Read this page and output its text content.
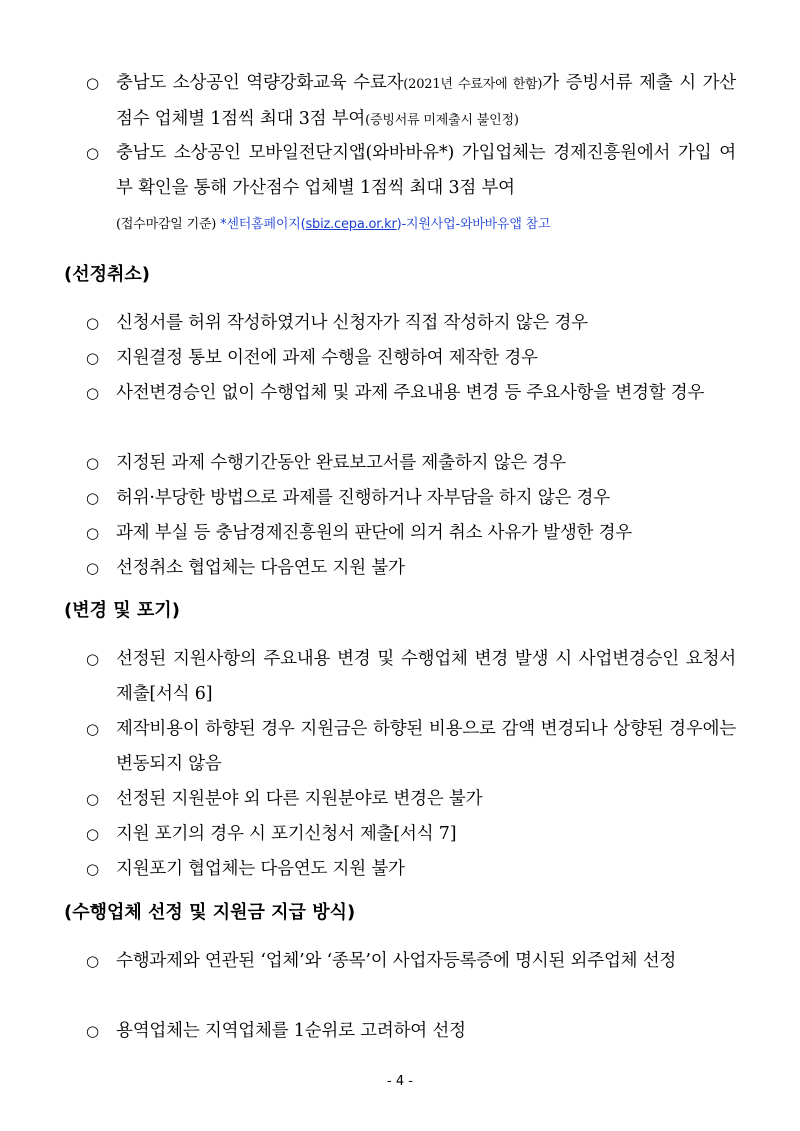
○ 충남도 소상공인 역량강화교육 수료자(2021년 수료자에 한함)가 증빙서류 제출 시 가산점수 업체별 1점씩 최대 3점 부여(증빙서류 미제출시 불인정)
○ 충남도 소상공인 모바일전단지앱(와바바유*) 가입업체는 경제진흥원에서 가입 여부 확인을 통해 가산점수 업체별 1점씩 최대 3점 부여
(접수마감일 기준) *센터홈페이지(sbiz.cepa.or.kr)-지원사업-와바바유앱 참고
(선정취소)
○ 신청서를 허위 작성하였거나 신청자가 직접 작성하지 않은 경우
○ 지원결정 통보 이전에 과제 수행을 진행하여 제작한 경우
○ 사전변경승인 없이 수행업체 및 과제 주요내용 변경 등 주요사항을 변경할 경우
○ 지정된 과제 수행기간동안 완료보고서를 제출하지 않은 경우
○ 허위·부당한 방법으로 과제를 진행하거나 자부담을 하지 않은 경우
○ 과제 부실 등 충남경제진흥원의 판단에 의거 취소 사유가 발생한 경우
○ 선정취소 협업체는 다음연도 지원 불가
(변경 및 포기)
○ 선정된 지원사항의 주요내용 변경 및 수행업체 변경 발생 시 사업변경승인 요청서 제출[서식 6]
○ 제작비용이 하향된 경우 지원금은 하향된 비용으로 감액 변경되나 상향된 경우에는 변동되지 않음
○ 선정된 지원분야 외 다른 지원분야로 변경은 불가
○ 지원 포기의 경우 시 포기신청서 제출[서식 7]
○ 지원포기 협업체는 다음연도 지원 불가
(수행업체 선정 및 지원금 지급 방식)
○ 수행과제와 연관된 ‘업체’와 ‘종목’이 사업자등록증에 명시된 외주업체 선정
○ 용역업체는 지역업체를 1순위로 고려하여 선정
- 4 -
